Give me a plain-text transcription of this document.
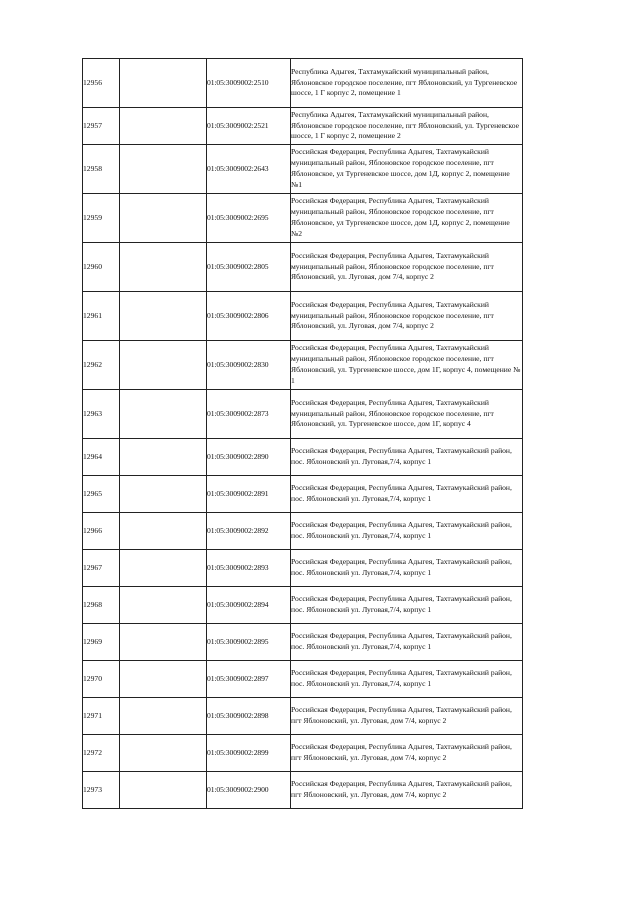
12956		01:05:3009002:2510	Республика Адыгея, Тахтамукайский муниципальный район, Яблоновское городское поселение, пгт Яблоновский, ул Тургеневское шоссе, 1 Г корпус 2, помещение 1

12957		01:05:3009002:2521	Республика Адыгея, Тахтамукайский муниципальный район, Яблоновское городское поселение, пгт Яблоновский, ул. Тургеневское шоссе, 1 Г корпус 2, помещение 2

12958		01:05:3009002:2643	Российская Федерация, Республика Адыгея, Тахтамукайский муниципальный район, Яблоновское городское поселение, пгт Яблоновское, ул Тургеневское шоссе, дом 1Д, корпус 2, помещение №1

12959		01:05:3009002:2695	Российская Федерация, Республика Адыгея, Тахтамукайский муниципальный район, Яблоновское городское поселение, пгт Яблоновское, ул Тургеневское шоссе, дом 1Д, корпус 2, помещение №2

12960		01:05:3009002:2805	Российская Федерация, Республика Адыгея, Тахтамукайский муниципальный район, Яблоновское городское поселение, пгт Яблоновский, ул. Луговая, дом 7/4, корпус 2

12961		01:05:3009002:2806	Российская Федерация, Республика Адыгея, Тахтамукайский муниципальный район, Яблоновское городское поселение, пгт Яблоновский, ул. Луговая, дом 7/4, корпус 2

12962		01:05:3009002:2830	Российская Федерация, Республика Адыгея, Тахтамукайский муниципальный район, Яблоновское городское поселение, пгт Яблоновский, ул. Тургеневское шоссе, дом 1Г, корпус 4, помещение № 1

12963		01:05:3009002:2873	Российская Федерация, Республика Адыгея, Тахтамукайский муниципальный район, Яблоновское городское поселение, пгт Яблоновский, ул. Тургеневское шоссе, дом 1Г, корпус 4

12964		01:05:3009002:2890	Российская Федерация, Республика Адыгея, Тахтамукайский район, пос. Яблоновский ул. Луговая,7/4, корпус 1

12965		01:05:3009002:2891	Российская Федерация, Республика Адыгея, Тахтамукайский район, пос. Яблоновский ул. Луговая,7/4, корпус 1

12966		01:05:3009002:2892	Российская Федерация, Республика Адыгея, Тахтамукайский район, пос. Яблоновский ул. Луговая,7/4, корпус 1

12967		01:05:3009002:2893	Российская Федерация, Республика Адыгея, Тахтамукайский район, пос. Яблоновский ул. Луговая,7/4, корпус 1

12968		01:05:3009002:2894	Российская Федерация, Республика Адыгея, Тахтамукайский район, пос. Яблоновский ул. Луговая,7/4, корпус 1

12969		01:05:3009002:2895	Российская Федерация, Республика Адыгея, Тахтамукайский район, пос. Яблоновский ул. Луговая,7/4, корпус 1

12970		01:05:3009002:2897	Российская Федерация, Республика Адыгея, Тахтамукайский район, пос. Яблоновский ул. Луговая,7/4, корпус 1

12971		01:05:3009002:2898	Российская Федерация, Республика Адыгея, Тахтамукайский район, пгт Яблоновский, ул. Луговая, дом 7/4, корпус 2

12972		01:05:3009002:2899	Российская Федерация, Республика Адыгея, Тахтамукайский район, пгт Яблоновский, ул. Луговая, дом 7/4, корпус 2

12973		01:05:3009002:2900	Российская Федерация, Республика Адыгея, Тахтамукайский район, пгт Яблоновский, ул. Луговая, дом 7/4, корпус 2
